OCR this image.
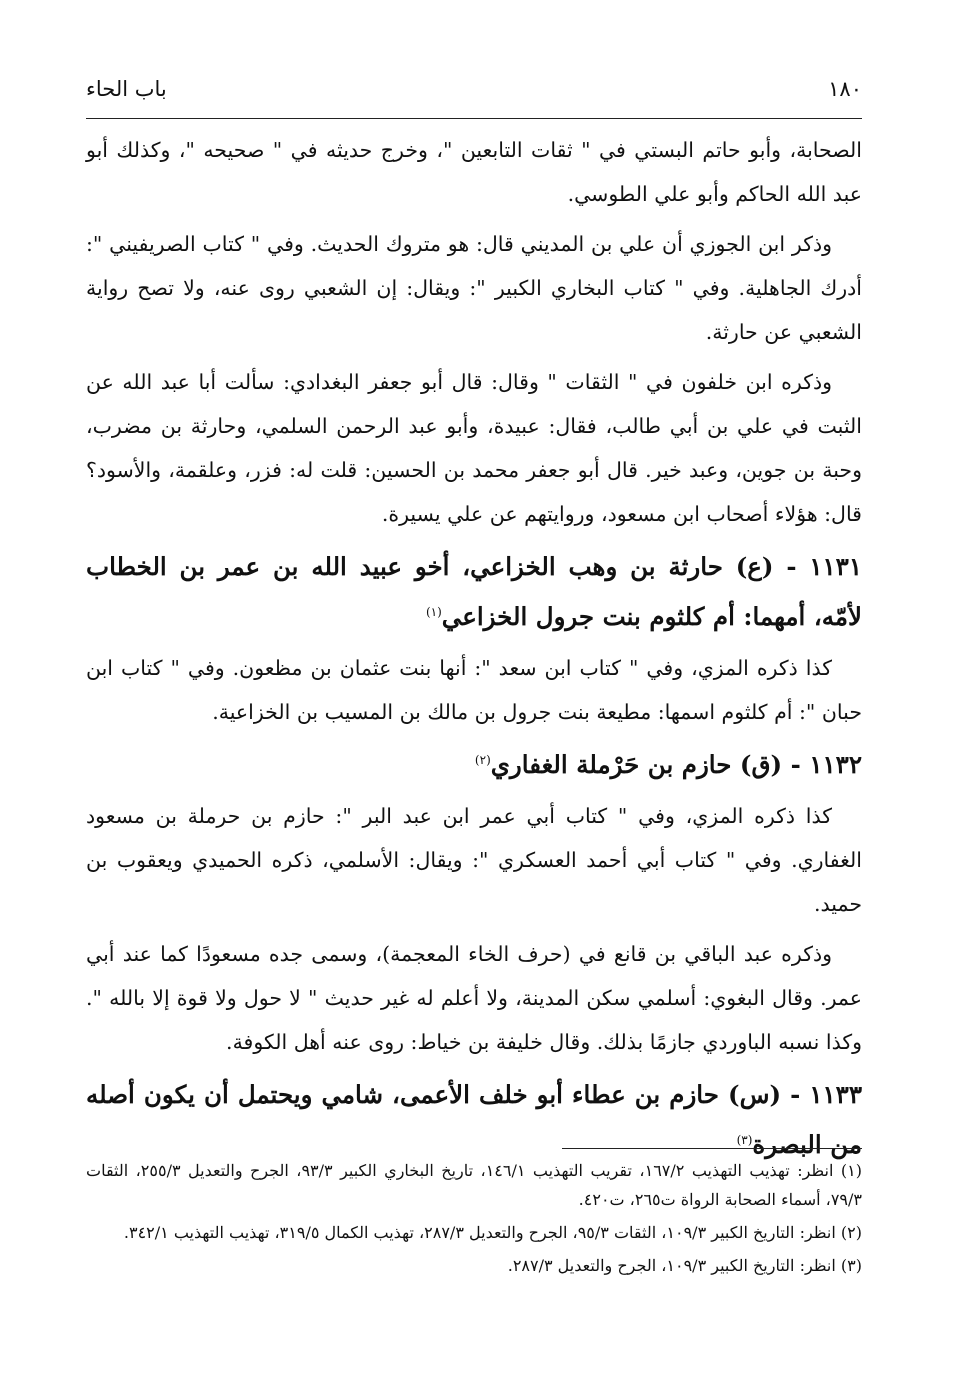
١٨٠
باب الحاء

الصحابة، وأبو حاتم البستي في " ثقات التابعين "، وخرج حديثه في " صحيحه "، وكذلك أبو عبد الله الحاكم وأبو علي الطوسي.

وذكر ابن الجوزي أن علي بن المديني قال: هو متروك الحديث. وفي " كتاب الصريفيني ": أدرك الجاهلية. وفي " كتاب البخاري الكبير ": ويقال: إن الشعبي روى عنه، ولا تصح رواية الشعبي عن حارثة.

وذكره ابن خلفون في " الثقات " وقال: قال أبو جعفر البغدادي: سألت أبا عبد الله عن الثبت في علي بن أبي طالب، فقال: عبيدة، وأبو عبد الرحمن السلمي، وحارثة بن مضرب، وحبة بن جوين، وعبد خير. قال أبو جعفر محمد بن الحسين: قلت له: فزر، وعلقمة، والأسود؟ قال: هؤلاء أصحاب ابن مسعود، وروايتهم عن علي يسيرة.

١١٣١ - (ع) حارثة بن وهب الخزاعي، أخو عبيد الله بن عمر بن الخطاب لأمّه، أمهما: أم كلثوم بنت جرول الخزاعي$^{(١)}$

كذا ذكره المزي، وفي " كتاب ابن سعد ": أنها بنت عثمان بن مظعون. وفي " كتاب ابن حبان ": أم كلثوم اسمها: مطيعة بنت جرول بن مالك بن المسيب بن الخزاعية.

١١٣٢ - (ق) حازم بن حَرْملة الغفاري$^{(٢)}$

كذا ذكره المزي، وفي " كتاب أبي عمر ابن عبد البر ": حازم بن حرملة بن مسعود الغفاري. وفي " كتاب أبي أحمد العسكري ": ويقال: الأسلمي، ذكره الحميدي ويعقوب بن حميد.

وذكره عبد الباقي بن قانع في (حرف الخاء المعجمة)، وسمى جده مسعودًا كما عند أبي عمر. وقال البغوي: أسلمي سكن المدينة، ولا أعلم له غير حديث " لا حول ولا قوة إلا بالله ". وكذا نسبه الباوردي جازمًا بذلك. وقال خليفة بن خياط: روى عنه أهل الكوفة.

١١٣٣ - (س) حازم بن عطاء أبو خلف الأعمى، شامي ويحتمل أن يكون أصله من البصرة$^{(٣)}$

(١) انظر: تهذيب التهذيب ١٦٧/٢، تقريب التهذيب ١٤٦/١، تاريخ البخاري الكبير ٩٣/٣، الجرح والتعديل ٢٥٥/٣، الثقات ٧٩/٣، أسماء الصحابة الرواة ت٢٦٥، ت٤٢٠.

(٢) انظر: التاريخ الكبير ١٠٩/٣، الثقات ٩٥/٣، الجرح والتعديل ٢٨٧/٣، تهذيب الكمال ٣١٩/٥، تهذيب التهذيب ٣٤٢/١.

(٣) انظر: التاريخ الكبير ١٠٩/٣، الجرح والتعديل ٢٨٧/٣.
